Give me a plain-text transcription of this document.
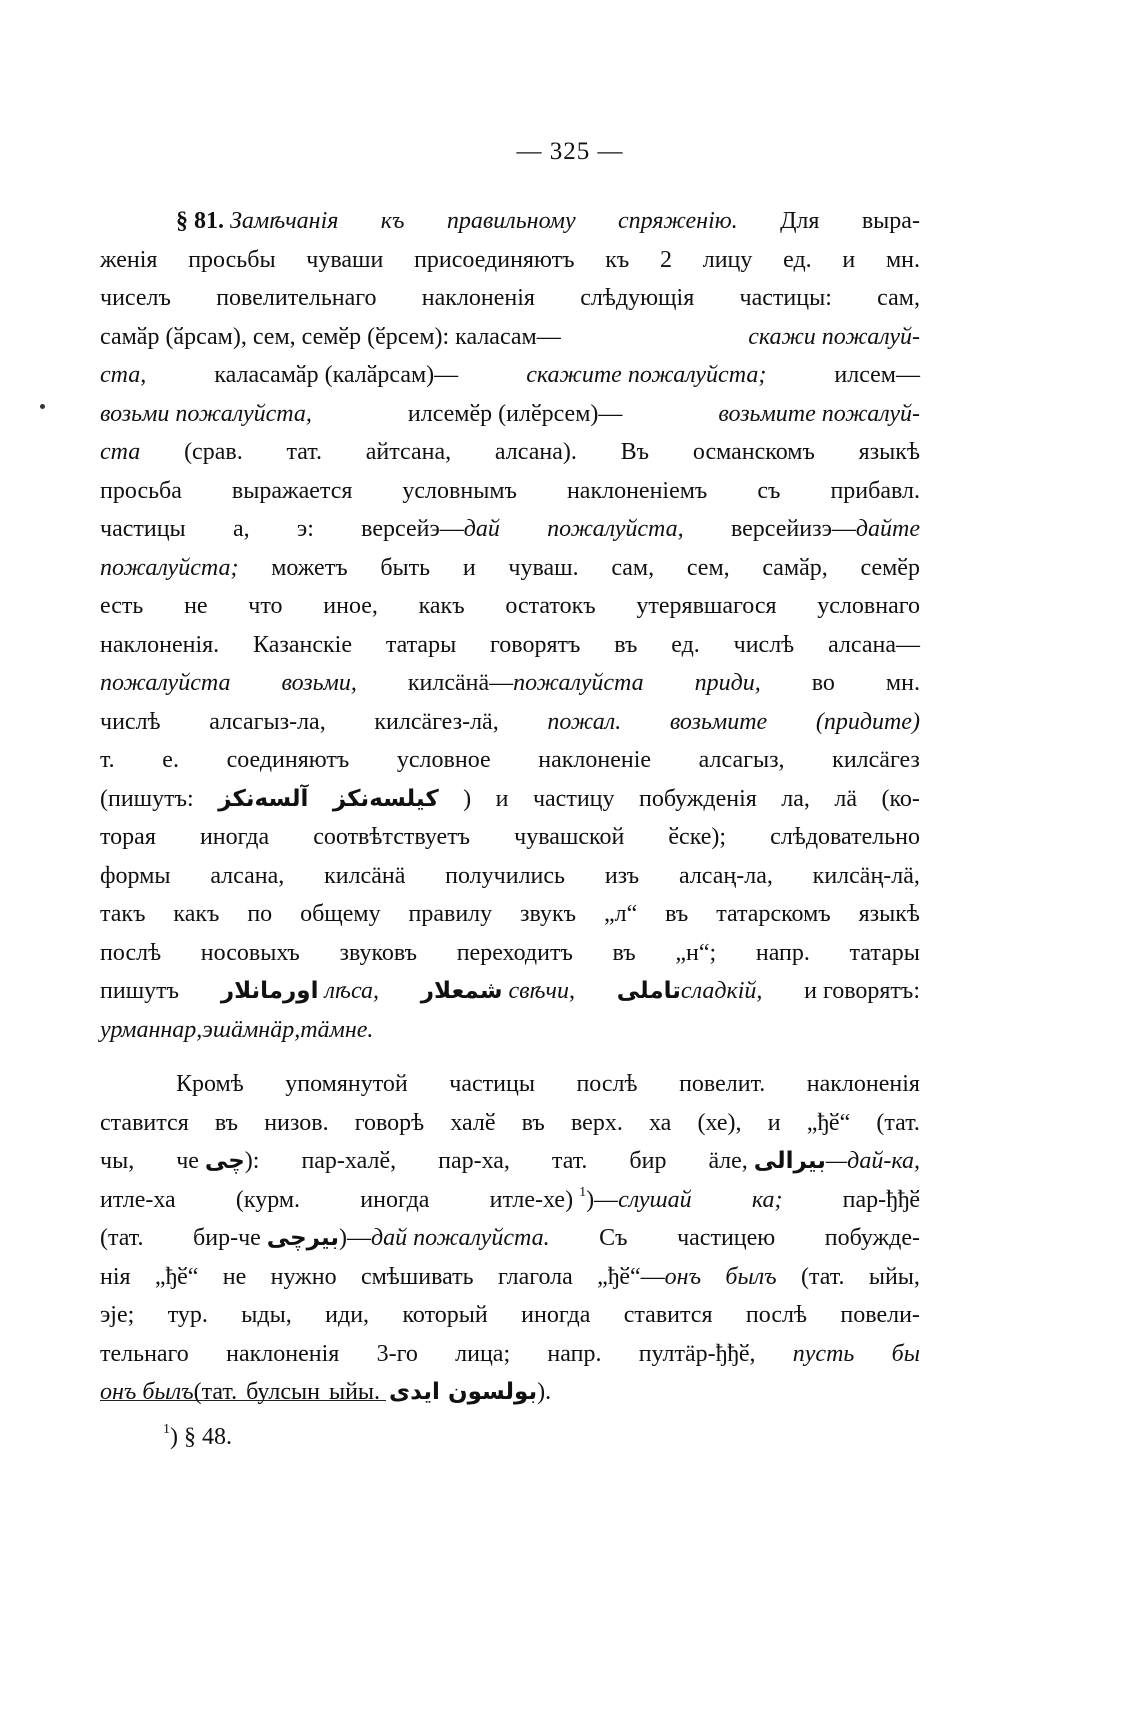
— 325 —
§ 81. Замѣчанія къ правильному спряженію. Для выра-
женія просьбы чуваши присоединяютъ къ 2 лицу ед. и мн.
чиселъ повелительнаго наклоненія слѣдующія частицы: сам,
самӑр (ӑрсам), сем, семӗр (ӗрсем): каласам—	скажи пожалуй-
ста,	каласамӑр (калӑрсам)—	скажите пожалуйста;	илсем—
возьми пожалуйста,	илсемӗр (илӗрсем)—	возьмите пожалуй-
ста (срав. тат. айтсана, алсана). Въ османскомъ языкѣ
просьба выражается условнымъ наклоненіемъ съ прибавл.
частицы а, э: версейэ—дай пожалуйста, версейизэ—дайте
пожалуйста; можетъ быть и чуваш. сам, сем, самӑр, семӗр
есть не что иное, какъ остатокъ утерявшагося условнаго
наклоненія. Казанскіе татары говорятъ въ ед. числѣ алсана—
пожалуйста возьми, килсӓнӓ—пожалуйста приди, во мн.
числѣ алсагыз-ла, килсӓгез-лӓ, пожал. возьмите (придите)
т. е. соединяютъ условное наклоненіе алсагыз, килсӓгез
(пишутъ: آلسەنكز كيلسەنكز ) и частицу побужденія ла, лӓ (ко-
торая иногда соотвѣтствуетъ чувашской ӗске); слѣдовательно
формы алсана, килсӓнӓ получились изъ алсаң-ла, килсӓң-лӓ,
такъ какъ по общему правилу звукъ „л“ въ татарскомъ языкѣ
послѣ носовыхъ звуковъ переходитъ въ „н“; напр. татары
пишутъ اورمانلار лѣса, شمعلار свѣчи, تاملىсладкій, и говорятъ:
урманнар, эшӓмнӓр, тӓмне.
Кромѣ упомянутой частицы послѣ повелит. наклоненія
ставится въ низов. говорѣ халӗ въ верх. ха (хе), и „ђӗ“ (тат.
чы, че چى): пар-халӗ, пар-ха, тат. бир ӓле, بيرالى—дай-ка,
итле-ха	(курм.	иногда	итле-хе) $^1$)—слушай	ка;	пар-ђђӗ
(тат. бир-че بيرچى)—дай пожалуйста. Съ частицею побужде-
нія „ђӗ“ не нужно смѣшивать глагола „ђӗ“—онъ былъ (тат. ыйы,
эје; тур. ыды, иди, который иногда ставится послѣ повели-
тельнаго наклоненія 3-го лица; напр. пултӓр-ђђӗ, пусть бы
онъ былъ (тат. булсын ыйы. بولسون ايدى).
$^1$) § 48.
